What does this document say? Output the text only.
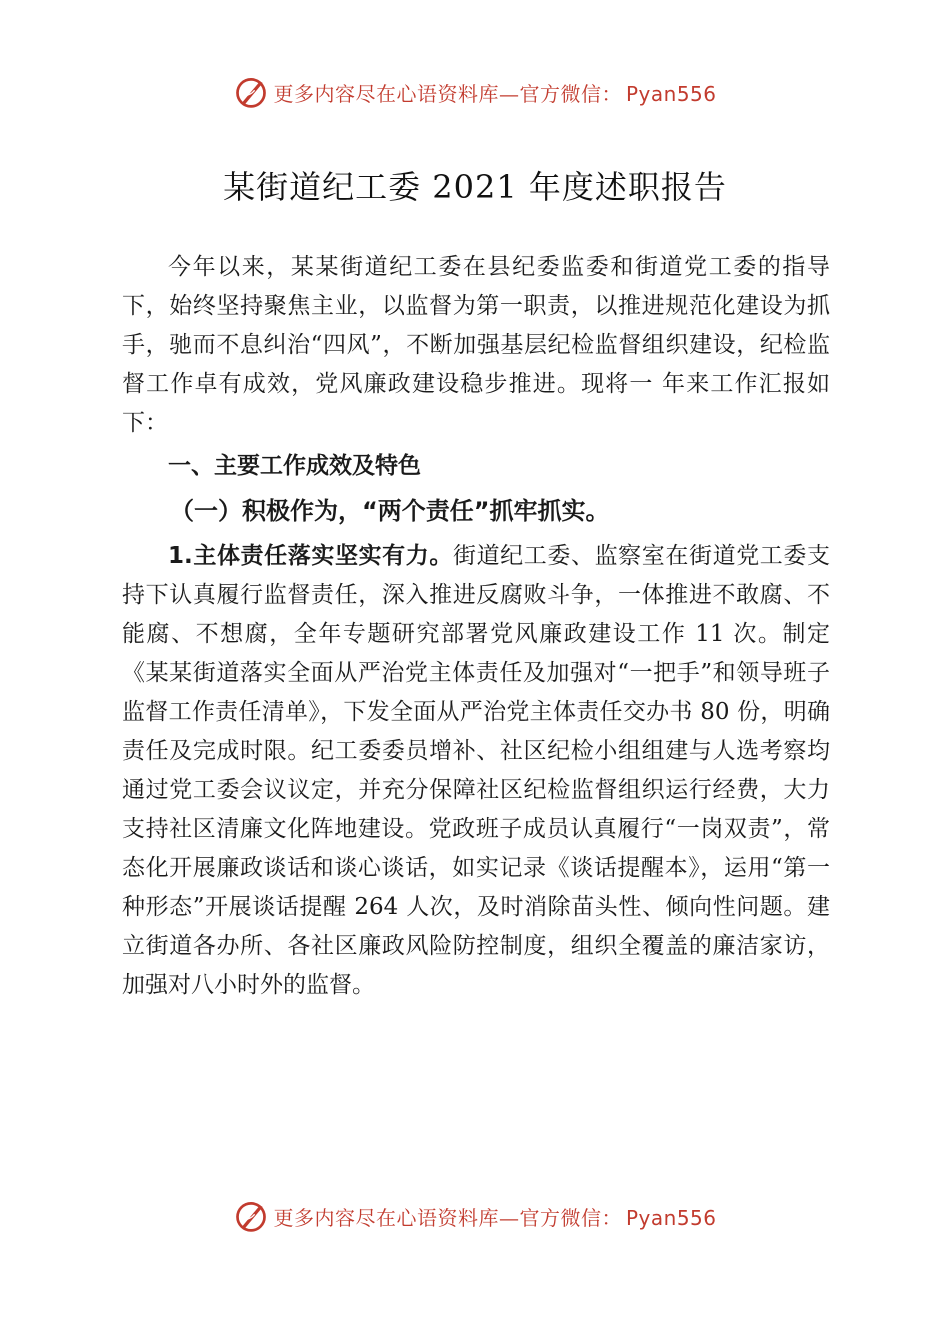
更多内容尽在心语资料库—官方微信： Pyan556
某街道纪工委 2021 年度述职报告

今年以来，某某街道纪工委在县纪委监委和街道党工委的指导下，始终坚持聚焦主业，以监督为第一职责，以推进规范化建设为抓手，驰而不息纠治“四风”，不断加强基层纪检监督组织建设，纪检监督工作卓有成效，党风廉政建设稳步推进。现将一 年来工作汇报如下：

一、主要工作成效及特色

（一）积极作为，“两个责任”抓牢抓实。

1.主体责任落实坚实有力。街道纪工委、监察室在街道党工委支持下认真履行监督责任，深入推进反腐败斗争，一体推进不敢腐、不能腐、不想腐，全年专题研究部署党风廉政建设工作 11 次。制定《某某街道落实全面从严治党主体责任及加强对“一把手”和领导班子监督工作责任清单》，下发全面从严治党主体责任交办书 80 份，明确责任及完成时限。纪工委委员增补、社区纪检小组组建与人选考察均通过党工委会议议定，并充分保障社区纪检监督组织运行经费，大力支持社区清廉文化阵地建设。党政班子成员认真履行“一岗双责”，常态化开展廉政谈话和谈心谈话，如实记录《谈话提醒本》，运用“第一种形态”开展谈话提醒 264 人次，及时消除苗头性、倾向性问题。建立街道各办所、各社区廉政风险防控制度，组织全覆盖的廉洁家访，加强对八小时外的监督。

更多内容尽在心语资料库—官方微信： Pyan556
